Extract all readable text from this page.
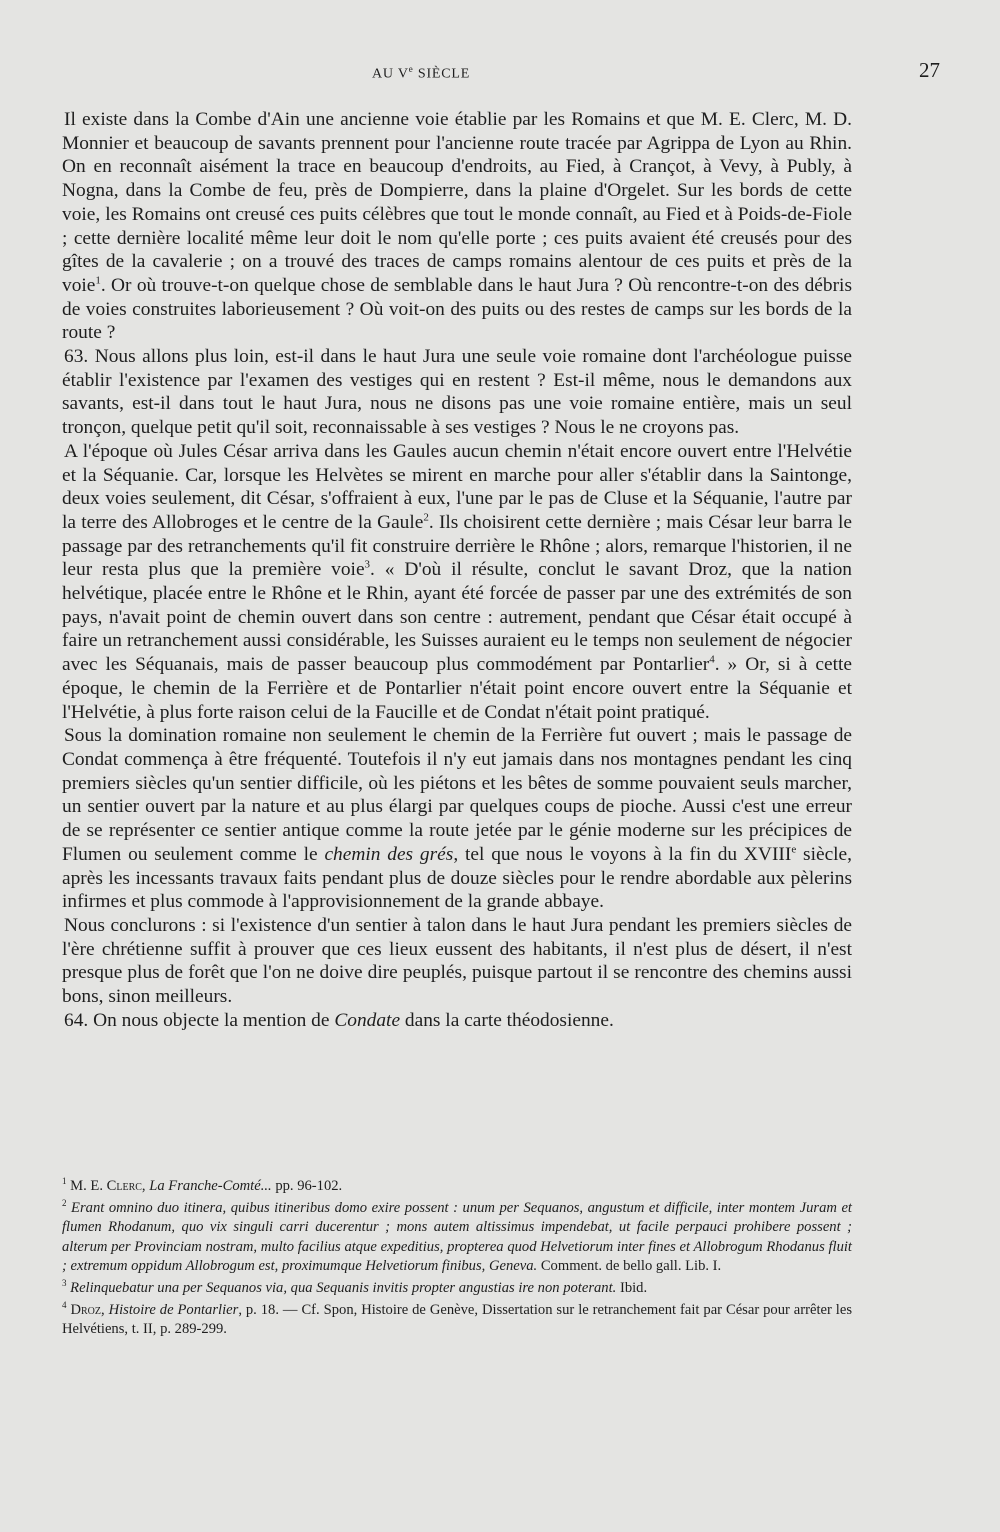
AU Ve SIÈCLE	27

Il existe dans la Combe d'Ain une ancienne voie établie par les Romains et que M. E. Clerc, M. D. Monnier et beaucoup de savants prennent pour l'ancienne route tracée par Agrippa de Lyon au Rhin. On en reconnaît aisément la trace en beaucoup d'endroits, au Fied, à Crançot, à Vevy, à Publy, à Nogna, dans la Combe de feu, près de Dompierre, dans la plaine d'Orgelet. Sur les bords de cette voie, les Romains ont creusé ces puits célèbres que tout le monde connaît, au Fied et à Poids-de-Fiole ; cette dernière localité même leur doit le nom qu'elle porte ; ces puits avaient été creusés pour des gîtes de la cavalerie ; on a trouvé des traces de camps romains alentour de ces puits et près de la voie$^1$. Or où trouve-t-on quelque chose de semblable dans le haut Jura ? Où rencontre-t-on des débris de voies construites laborieusement ? Où voit-on des puits ou des restes de camps sur les bords de la route ?

63. Nous allons plus loin, est-il dans le haut Jura une seule voie romaine dont l'archéologue puisse établir l'existence par l'examen des vestiges qui en restent ? Est-il même, nous le demandons aux savants, est-il dans tout le haut Jura, nous ne disons pas une voie romaine entière, mais un seul tronçon, quelque petit qu'il soit, reconnaissable à ses vestiges ? Nous le ne croyons pas.

A l'époque où Jules César arriva dans les Gaules aucun chemin n'était encore ouvert entre l'Helvétie et la Séquanie. Car, lorsque les Helvètes se mirent en marche pour aller s'établir dans la Saintonge, deux voies seulement, dit César, s'offraient à eux, l'une par le pas de Cluse et la Séquanie, l'autre par la terre des Allobroges et le centre de la Gaule$^2$. Ils choisirent cette dernière ; mais César leur barra le passage par des retranchements qu'il fit construire derrière le Rhône ; alors, remarque l'historien, il ne leur resta plus que la première voie$^3$. « D'où il résulte, conclut le savant Droz, que la nation helvétique, placée entre le Rhône et le Rhin, ayant été forcée de passer par une des extrémités de son pays, n'avait point de chemin ouvert dans son centre : autrement, pendant que César était occupé à faire un retranchement aussi considérable, les Suisses auraient eu le temps non seulement de négocier avec les Séquanais, mais de passer beaucoup plus commodément par Pontarlier$^4$. » Or, si à cette époque, le chemin de la Ferrière et de Pontarlier n'était point encore ouvert entre la Séquanie et l'Helvétie, à plus forte raison celui de la Faucille et de Condat n'était point pratiqué.

Sous la domination romaine non seulement le chemin de la Ferrière fut ouvert ; mais le passage de Condat commença à être fréquenté. Toutefois il n'y eut jamais dans nos montagnes pendant les cinq premiers siècles qu'un sentier difficile, où les piétons et les bêtes de somme pouvaient seuls marcher, un sentier ouvert par la nature et au plus élargi par quelques coups de pioche. Aussi c'est une erreur de se représenter ce sentier antique comme la route jetée par le génie moderne sur les précipices de Flumen ou seulement comme le chemin des grés, tel que nous le voyons à la fin du XVIIIe siècle, après les incessants travaux faits pendant plus de douze siècles pour le rendre abordable aux pèlerins infirmes et plus commode à l'approvisionnement de la grande abbaye.

Nous conclurons : si l'existence d'un sentier à talon dans le haut Jura pendant les premiers siècles de l'ère chrétienne suffit à prouver que ces lieux eussent des habitants, il n'est plus de désert, il n'est presque plus de forêt que l'on ne doive dire peuplés, puisque partout il se rencontre des chemins aussi bons, sinon meilleurs.

64. On nous objecte la mention de Condate dans la carte théodosienne.

$^1$ M. E. Clerc, La Franche-Comté... pp. 96-102.

$^2$ Erant omnino duo itinera, quibus itineribus domo exire possent : unum per Sequanos, angustum et difficile, inter montem Juram et flumen Rhodanum, quo vix singuli carri ducerentur ; mons autem altissimus impendebat, ut facile perpauci prohibere possent ; alterum per Provinciam nostram, multo facilius atque expeditius, propterea quod Helvetiorum inter fines et Allobrogum Rhodanus fluit ; extremum oppidum Allobrogum est, proximumque Helvetiorum finibus, Geneva. Comment. de bello gall. Lib. I.

$^3$ Relinquebatur una per Sequanos via, qua Sequanis invitis propter angustias ire non poterant. Ibid.

$^4$ Droz, Histoire de Pontarlier, p. 18. — Cf. Spon, Histoire de Genève, Dissertation sur le retranchement fait par César pour arrêter les Helvétiens, t. II, p. 289-299.
